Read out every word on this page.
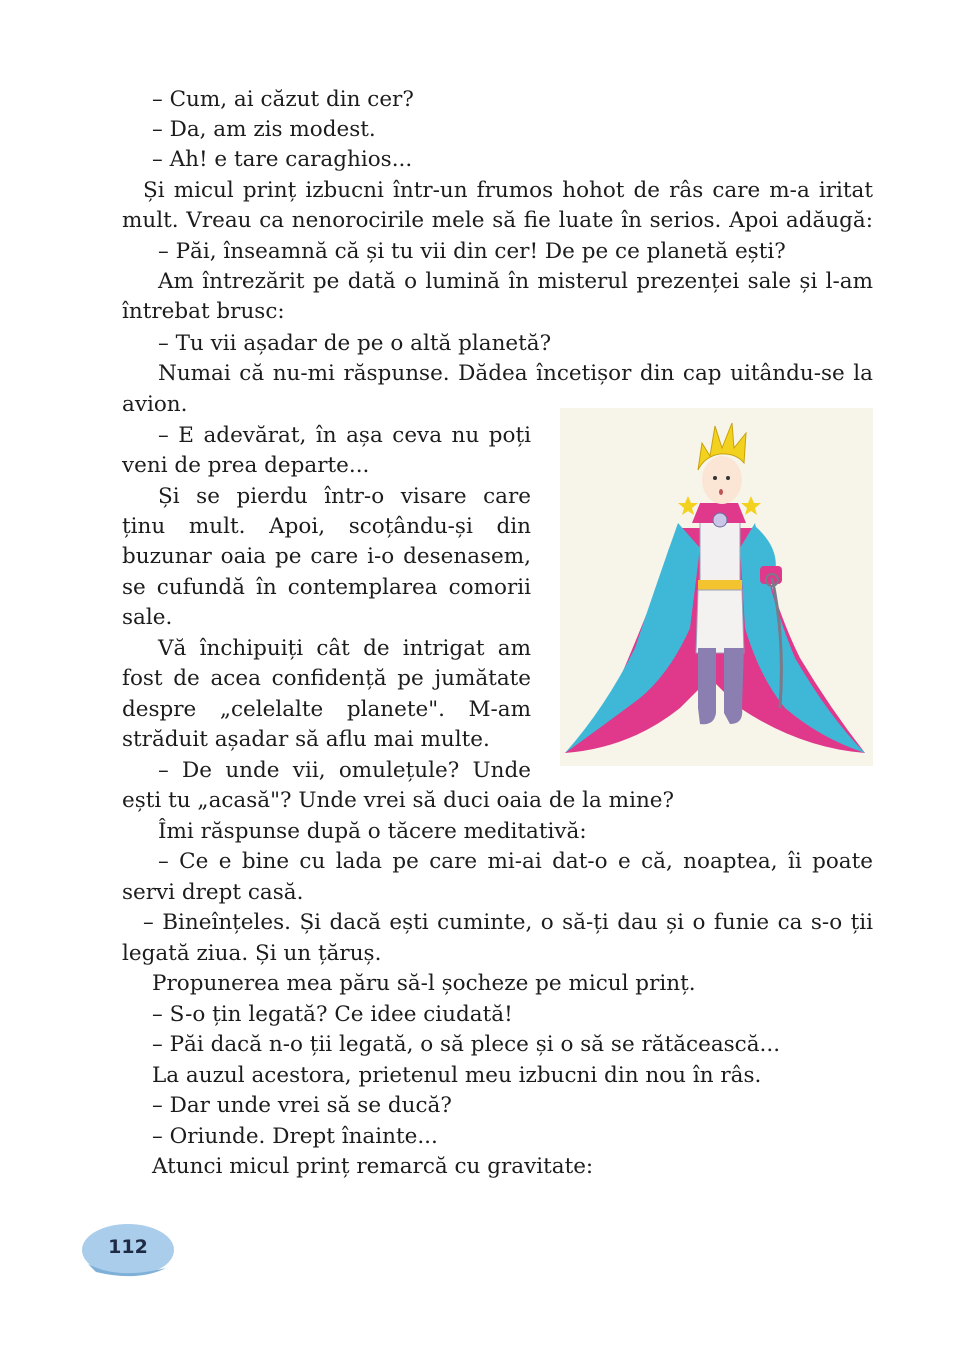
– Cum, ai căzut din cer?
– Da, am zis modest.
– Ah! e tare caraghios...
Și micul prinț izbucni într-un frumos hohot de râs care m-a iritat
mult. Vreau ca nenorocirile mele să fie luate în serios. Apoi adăugă:
– Păi, înseamnă că și tu vii din cer! De pe ce planetă ești?
Am întrezărit pe dată o lumină în misterul prezenței sale și l-am
întrebat brusc:
– Tu vii așadar de pe o altă planetă?
Numai că nu-mi răspunse. Dădea încetișor din cap uitându-se la
avion.
– E adevărat, în așa ceva nu poți
veni de prea departe...
Și se pierdu într-o visare care
ținu mult. Apoi, scoțându-și din
buzunar oaia pe care i-o desenasem,
se cufundă în contemplarea comorii
sale.
Vă închipuiți cât de intrigat am
fost de acea confidență pe jumătate
despre „celelalte planete". M-am
străduit așadar să aflu mai multe.
– De unde vii, omulețule? Unde
ești tu „acasă"? Unde vrei să duci oaia de la mine?
Îmi răspunse după o tăcere meditativă:
– Ce e bine cu lada pe care mi-ai dat-o e că, noaptea, îi poate
servi drept casă.
– Bineînțeles. Și dacă ești cuminte, o să-ți dau și o funie ca s-o ții
legată ziua. Și un țăruș.
Propunerea mea păru să-l șocheze pe micul prinț.
– S-o țin legată? Ce idee ciudată!
– Păi dacă n-o ții legată, o să plece și o să se rătăcească...
La auzul acestora, prietenul meu izbucni din nou în râs.
– Dar unde vrei să se ducă?
– Oriunde. Drept înainte...
Atunci micul prinț remarcă cu gravitate:
112
